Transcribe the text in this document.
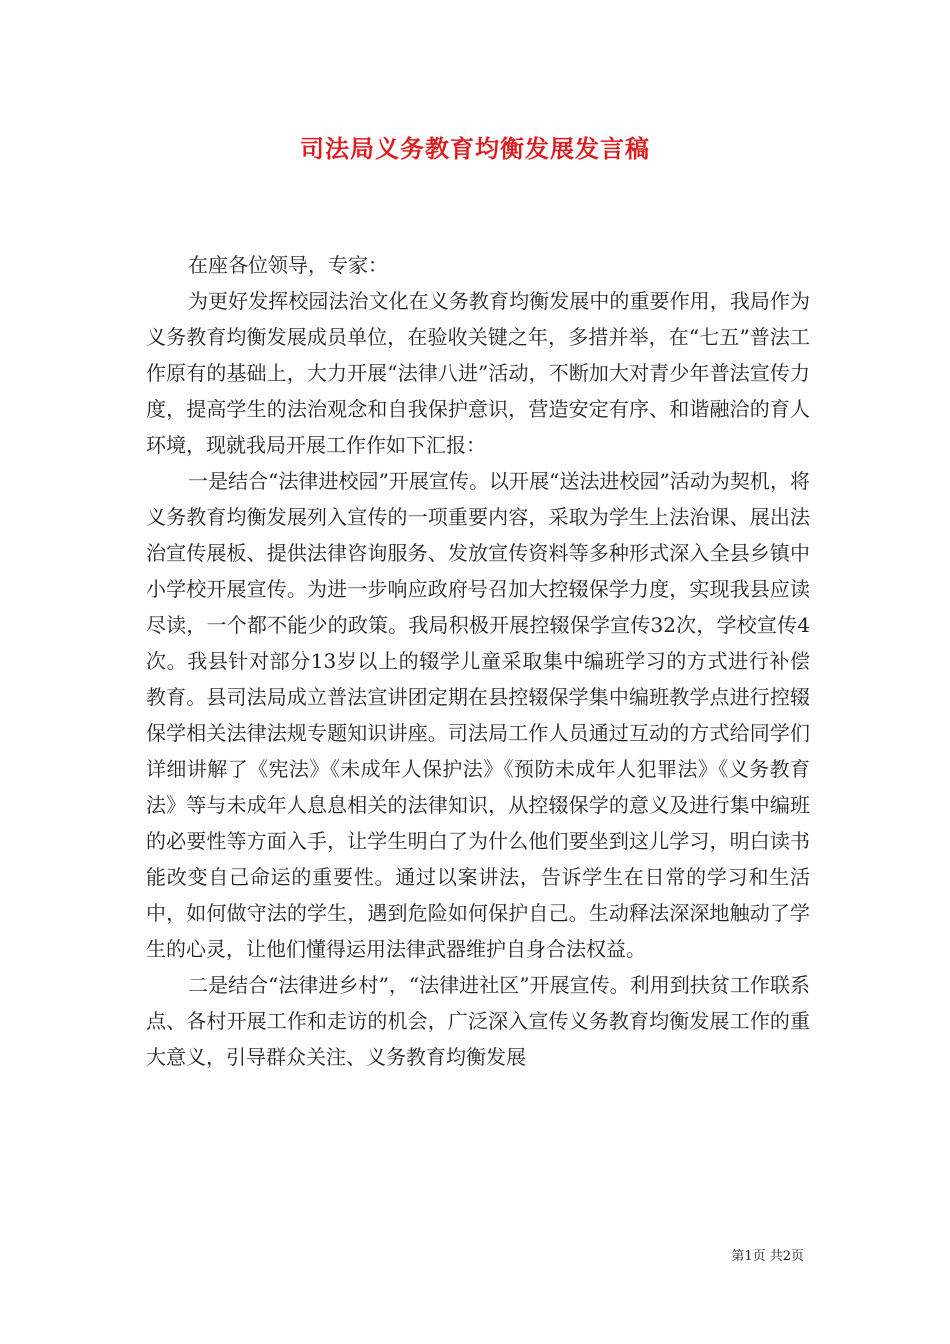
司法局义务教育均衡发展发言稿

在座各位领导，专家：

为更好发挥校园法治文化在义务教育均衡发展中的重要作用，我局作为义务教育均衡发展成员单位，在验收关键之年，多措并举，在“七五”普法工作原有的基础上，大力开展“法律八进”活动，不断加大对青少年普法宣传力度，提高学生的法治观念和自我保护意识，营造安定有序、和谐融洽的育人环境，现就我局开展工作作如下汇报：

一是结合“法律进校园”开展宣传。以开展“送法进校园”活动为契机，将义务教育均衡发展列入宣传的一项重要内容，采取为学生上法治课、展出法治宣传展板、提供法律咨询服务、发放宣传资料等多种形式深入全县乡镇中小学校开展宣传。为进一步响应政府号召加大控辍保学力度，实现我县应读尽读，一个都不能少的政策。我局积极开展控辍保学宣传32次，学校宣传4次。我县针对部分13岁以上的辍学儿童采取集中编班学习的方式进行补偿教育。县司法局成立普法宣讲团定期在县控辍保学集中编班教学点进行控辍保学相关法律法规专题知识讲座。司法局工作人员通过互动的方式给同学们详细讲解了《宪法》《未成年人保护法》《预防未成年人犯罪法》《义务教育法》等与未成年人息息相关的法律知识，从控辍保学的意义及进行集中编班的必要性等方面入手，让学生明白了为什么他们要坐到这儿学习，明白读书能改变自己命运的重要性。通过以案讲法，告诉学生在日常的学习和生活中，如何做守法的学生，遇到危险如何保护自己。生动释法深深地触动了学生的心灵，让他们懂得运用法律武器维护自身合法权益。

二是结合“法律进乡村”，“法律进社区”开展宣传。利用到扶贫工作联系点、各村开展工作和走访的机会，广泛深入宣传义务教育均衡发展工作的重大意义，引导群众关注、义务教育均衡发展

第1页 共2页
